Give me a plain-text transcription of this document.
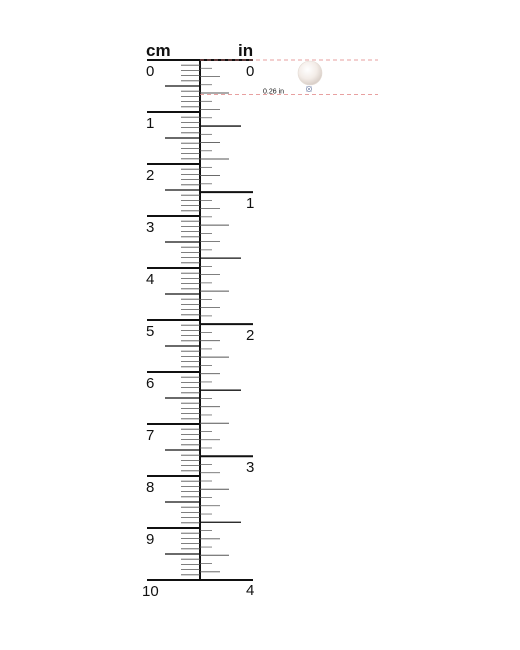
cm	in
0
1
2
3
4
5
6
7
8
9
10
0
1
2
3
4
0.26 in
